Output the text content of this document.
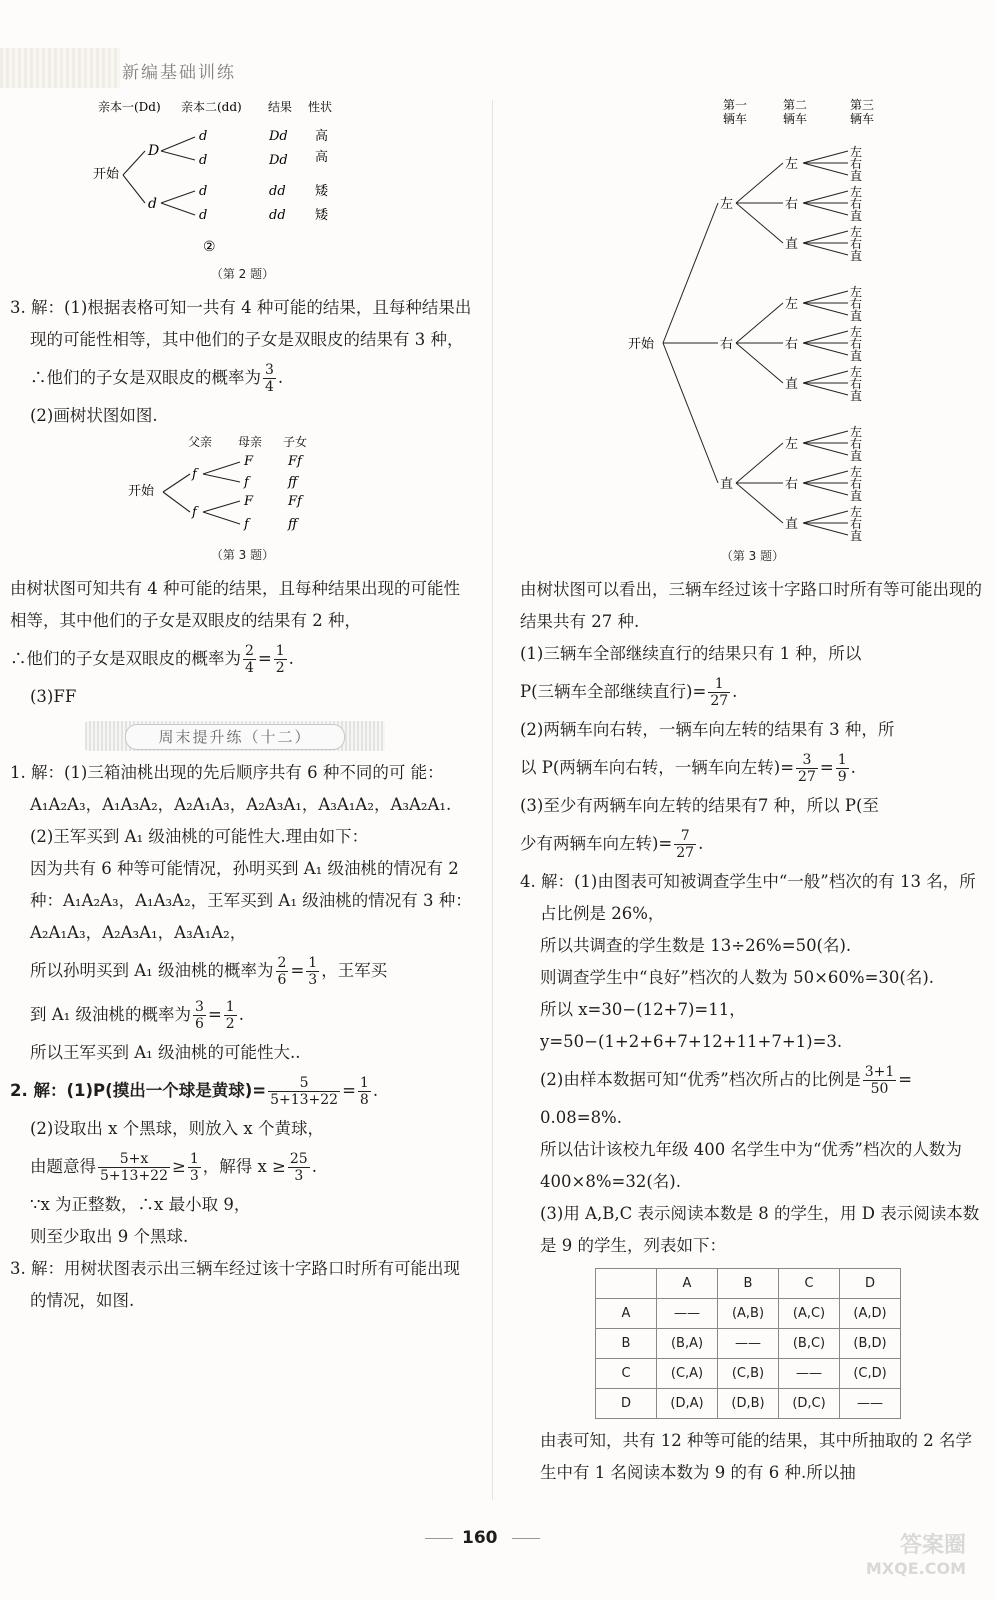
新编基础训练
亲本一(Dd) 亲本二(dd) 结果 性状
开始
D
d
d
d
d
d
Dd
Dd
dd
dd
高
高
矮
矮
②

（第 2 题）

3. 解：(1)根据表格可知一共有 4 种可能的结果，且每种结果出现的可能性相等，其中他们的子女是双眼皮的结果有 3 种，

∴他们的子女是双眼皮的概率为 $\frac{3}{4}$ .

(2)画树状图如图.

父亲 母亲 子女
开始
f
f
F
f
F
f
Ff
ff
Ff
ff

（第 3 题）

由树状图可知共有 4 种可能的结果，且每种结果出现的可能性相等，其中他们的子女是双眼皮的结果有 2 种，

∴他们的子女是双眼皮的概率为 $\frac{2}{4} = \frac{1}{2}$ .

(3)FF

周末提升练（十二）

1. 解：(1)三箱油桃出现的先后顺序共有 6 种不同的可 能：A₁A₂A₃，A₁A₃A₂，A₂A₁A₃，A₂A₃A₁，A₃A₁A₂，A₃A₂A₁.

(2)王军买到 A₁ 级油桃的可能性大.理由如下：

因为共有 6 种等可能情况，孙明买到 A₁ 级油桃的情况有 2 种：A₁A₂A₃，A₁A₃A₂，王军买到 A₁ 级油桃的情况有 3 种：A₂A₁A₃，A₂A₃A₁，A₃A₁A₂，

所以孙明买到 A₁ 级油桃的概率为 $\frac{2}{6} = \frac{1}{3}$ ，王军买

到 A₁ 级油桃的概率为 $\frac{3}{6} = \frac{1}{2}$ .

所以王军买到 A₁ 级油桃的可能性大..

2. 解：(1)P(摸出一个球是黄球)= $\frac{5}{5+13+22} = \frac{1}{8}$ .

(2)设取出 x 个黑球，则放入 x 个黄球，

由题意得 $\frac{5+x}{5+13+22} \ge \frac{1}{3}$ ，解得 $x \ge \frac{25}{3}$ .

∵x 为正整数，∴x 最小取 9，

则至少取出 9 个黑球.

3. 解：用树状图表示出三辆车经过该十字路口时所有可能出现的情况，如图.

第一
辆车
第二
辆车
第三
辆车
开始
左
左
左
右
直
右
左
右
直
直
左
右
直
右
左
左
右
直
右
左
右
直
直
左
右
直
直
左
左
右
直
右
左
右
直
直
左
右
直

（第 3 题）

由树状图可以看出，三辆车经过该十字路口时所有等可能出现的结果共有 27 种.

(1)三辆车全部继续直行的结果只有 1 种，所以

P(三辆车全部继续直行)= $\frac{1}{27}$ .

(2)两辆车向右转，一辆车向左转的结果有 3 种，所

以 P(两辆车向右转，一辆车向左转)= $\frac{3}{27} = \frac{1}{9}$ .

(3)至少有两辆车向左转的结果有7 种，所以 P(至

少有两辆车向左转)= $\frac{7}{27}$ .

4. 解：(1)由图表可知被调查学生中“一般”档次的有 13 名，所占比例是 26%，

所以共调查的学生数是 13÷26%=50(名).

则调查学生中“良好”档次的人数为 50×60%=30(名).

所以 x=30−(12+7)=11，y=50−(1+2+6+7+12+11+7+1)=3.

(2)由样本数据可知“优秀”档次所占的比例是 $\frac{3+1}{50}$ =

0.08=8%.

所以估计该校九年级 400 名学生中为“优秀”档次的人数为 400×8%=32(名).

(3)用 A,B,C 表示阅读本数是 8 的学生，用 D 表示阅读本数是 9 的学生，列表如下：

	A	B	C	D
A	——	(A,B)	(A,C)	(A,D)
B	(B,A)	——	(B,C)	(B,D)
C	(C,A)	(C,B)	——	(C,D)
D	(D,A)	(D,B)	(D,C)	——

由表可知，共有 12 种等可能的结果，其中所抽取的 2 名学生中有 1 名阅读本数为 9 的有 6 种.所以抽

160	答案圈
MXQE.COM
